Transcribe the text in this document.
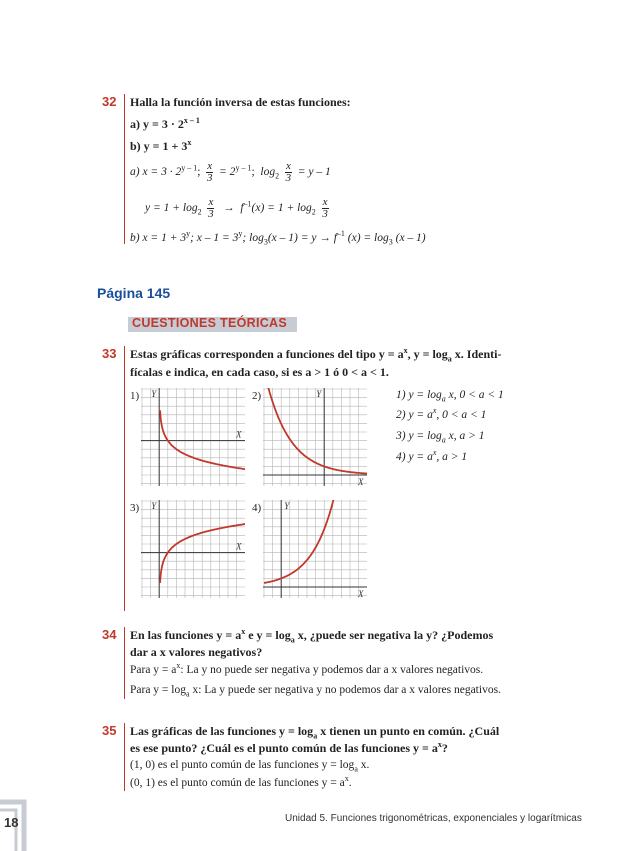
32 Halla la función inversa de estas funciones:
a) $y = 3 \cdot 2^{x - 1}$
b) $y = 1 + 3^x$
a) $x = 3 \cdot 2^{y - 1}$; $\frac{x}{3} = 2^{y - 1}$; $\log_2 \frac{x}{3} = y - 1$
$y = 1 + \log_2 \frac{x}{3} \to f^{-1}(x) = 1 + \log_2 \frac{x}{3}$
b) $x = 1 + 3^y$; $x - 1 = 3^y$; $\log_3(x - 1) = y \to f^{-1}$ $(x) = \log_3 (x - 1)$
Página 145
CUESTIONES TEÓRICAS
33 Estas gráficas corresponden a funciones del tipo $y = a^x$, $y = \log_a x$. Identi-
fícalas e indica, en cada caso, si es a > 1 ó 0 < a < 1.
1) Y
X
2)	Y
X
3) Y
X
4)	Y
X
1) $y = \log_a x$, 0 < a < 1
2) $y = a^x$, 0 < a < 1
3) $y = \log_a x$, a > 1
4) $y = a^x$, a > 1
34 En las funciones $y = a^x$ e $y = \log_a x$, ¿puede ser negativa la y? ¿Podemos
dar a x valores negativos?
Para $y = a^x$: La y no puede ser negativa y podemos dar a x valores negativos.
Para $y = \log_a x$: La y puede ser negativa y no podemos dar a x valores negativos.
35 Las gráficas de las funciones $y = \log_a x$ tienen un punto en común. ¿Cuál
es ese punto? ¿Cuál es el punto común de las funciones $y = a^x$?
(1, 0) es el punto común de las funciones $y = \log_a x$.
(0, 1) es el punto común de las funciones $y = a^x$.
Unidad 5. Funciones trigonométricas, exponenciales y logarítmicas
18
